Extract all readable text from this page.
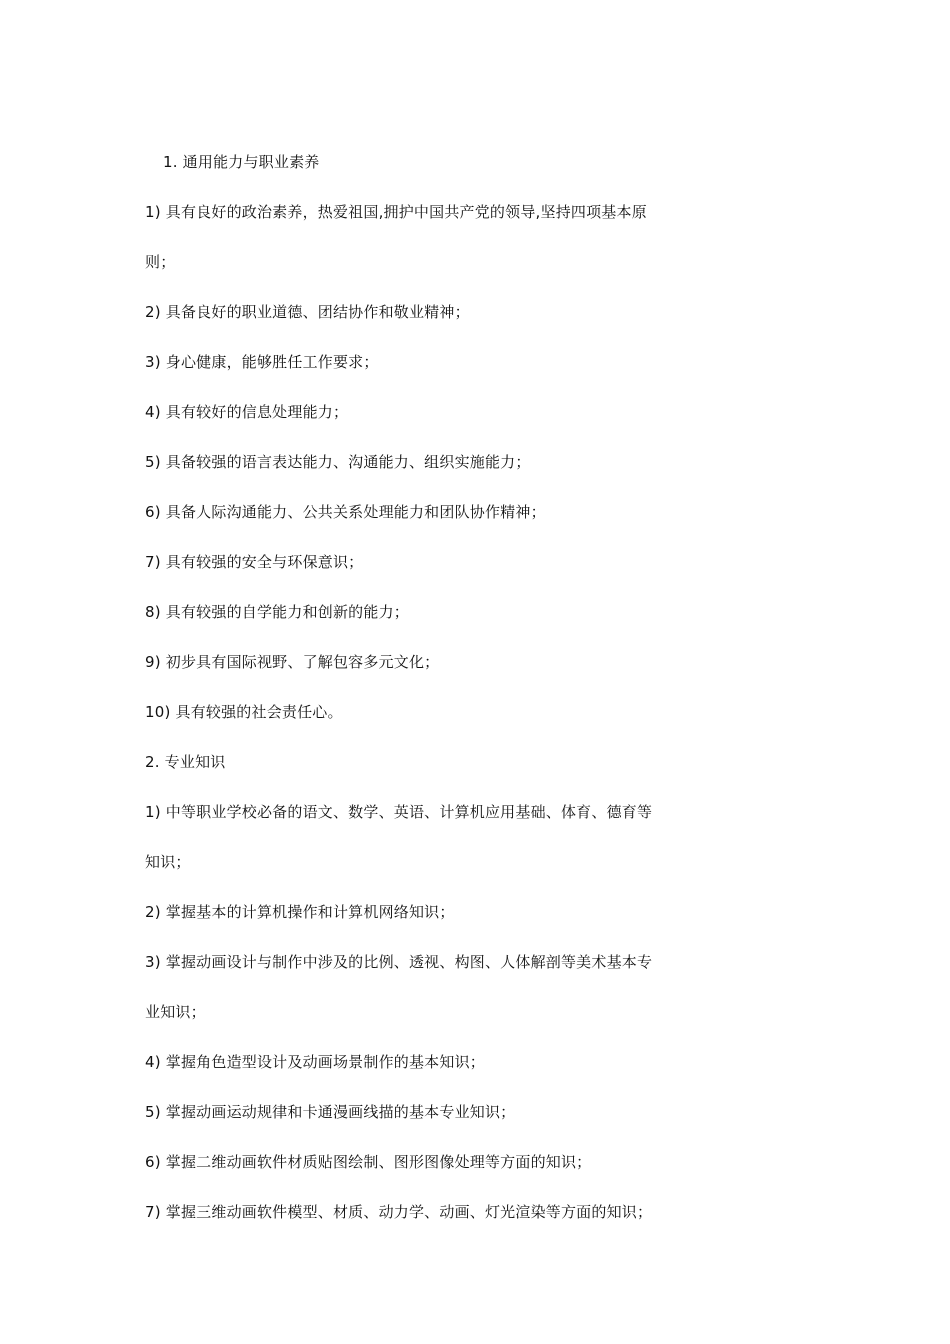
1. 通用能力与职业素养
1) 具有良好的政治素养，热爱祖国,拥护中国共产党的领导,坚持四项基本原
则；
2) 具备良好的职业道德、团结协作和敬业精神；
3) 身心健康，能够胜任工作要求；
4) 具有较好的信息处理能力；
5) 具备较强的语言表达能力、沟通能力、组织实施能力；
6) 具备人际沟通能力、公共关系处理能力和团队协作精神；
7) 具有较强的安全与环保意识；
8) 具有较强的自学能力和创新的能力；
9) 初步具有国际视野、了解包容多元文化；
10) 具有较强的社会责任心。
2. 专业知识
1) 中等职业学校必备的语文、数学、英语、计算机应用基础、体育、德育等
知识；
2) 掌握基本的计算机操作和计算机网络知识；
3) 掌握动画设计与制作中涉及的比例、透视、构图、人体解剖等美术基本专
业知识；
4) 掌握角色造型设计及动画场景制作的基本知识；
5) 掌握动画运动规律和卡通漫画线描的基本专业知识；
6) 掌握二维动画软件材质贴图绘制、图形图像处理等方面的知识；
7) 掌握三维动画软件模型、材质、动力学、动画、灯光渲染等方面的知识；
